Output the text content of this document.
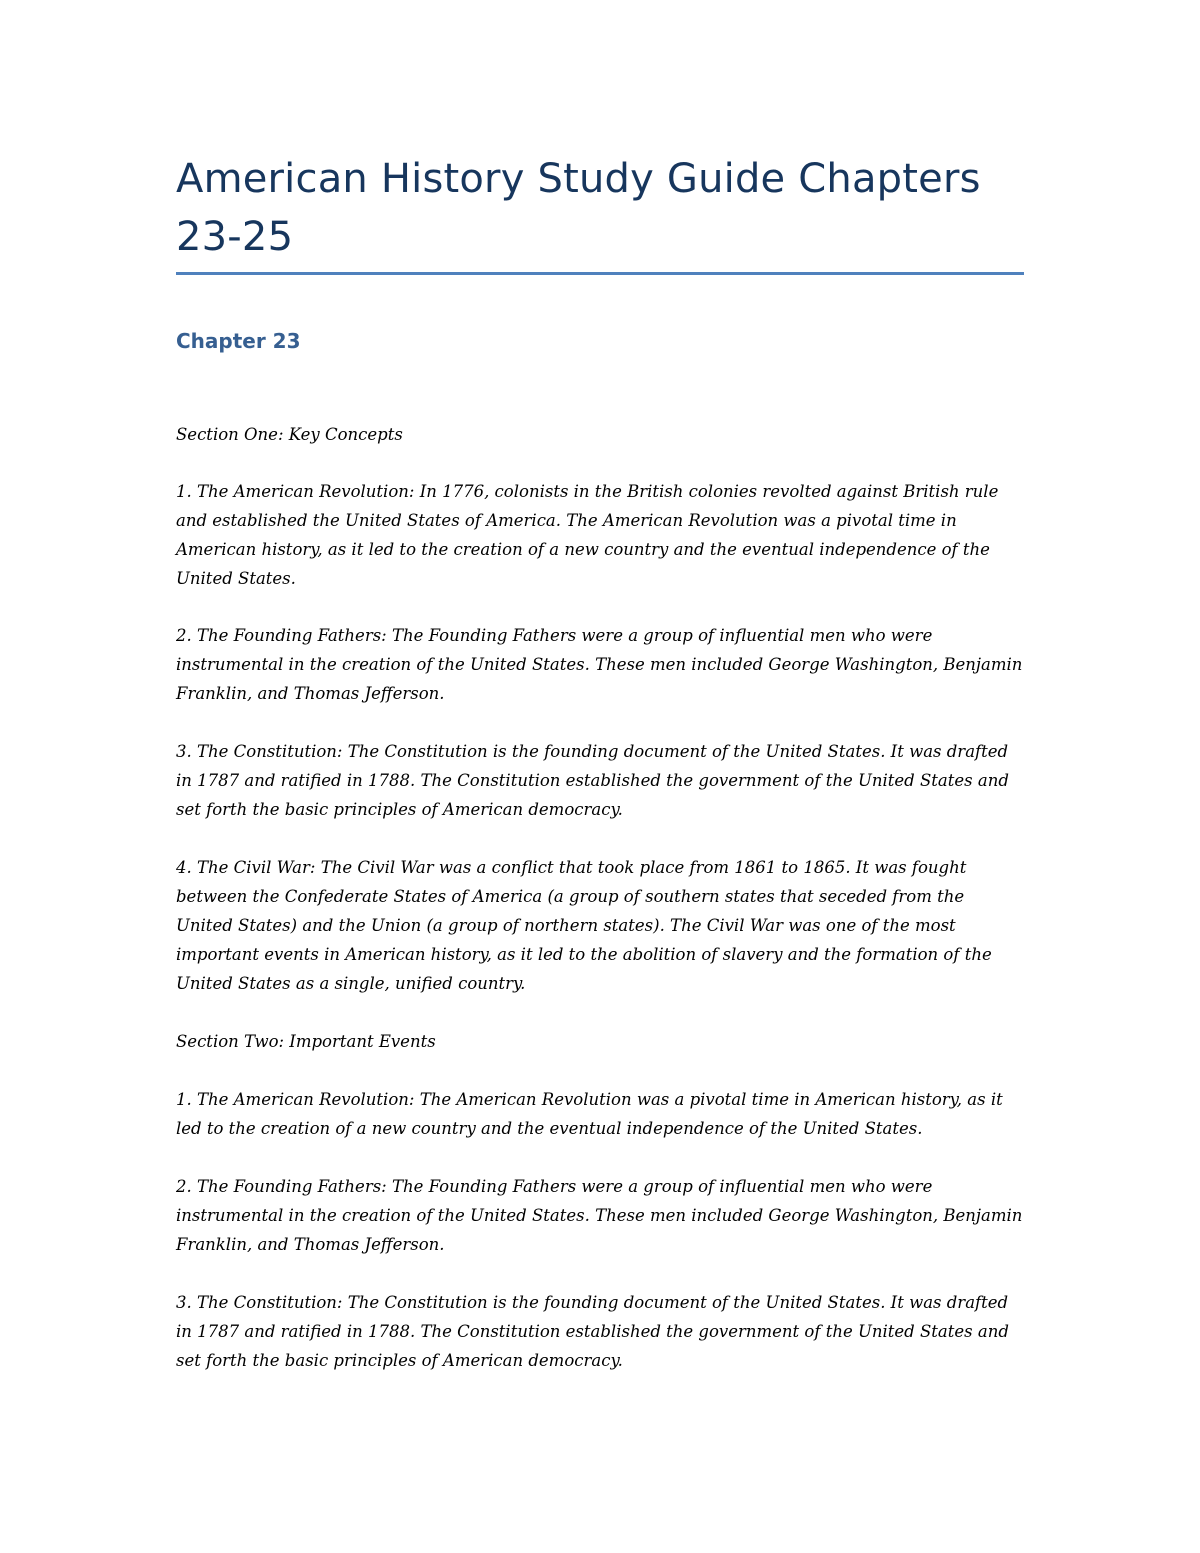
American History Study Guide Chapters 23-25
Chapter 23

Section One: Key Concepts

1. The American Revolution: In 1776, colonists in the British colonies revolted against British rule and established the United States of America. The American Revolution was a pivotal time in American history, as it led to the creation of a new country and the eventual independence of the United States.

2. The Founding Fathers: The Founding Fathers were a group of influential men who were instrumental in the creation of the United States. These men included George Washington, Benjamin Franklin, and Thomas Jefferson.

3. The Constitution: The Constitution is the founding document of the United States. It was drafted in 1787 and ratified in 1788. The Constitution established the government of the United States and set forth the basic principles of American democracy.

4. The Civil War: The Civil War was a conflict that took place from 1861 to 1865. It was fought between the Confederate States of America (a group of southern states that seceded from the United States) and the Union (a group of northern states). The Civil War was one of the most important events in American history, as it led to the abolition of slavery and the formation of the United States as a single, unified country.

Section Two: Important Events

1. The American Revolution: The American Revolution was a pivotal time in American history, as it led to the creation of a new country and the eventual independence of the United States.

2. The Founding Fathers: The Founding Fathers were a group of influential men who were instrumental in the creation of the United States. These men included George Washington, Benjamin Franklin, and Thomas Jefferson.

3. The Constitution: The Constitution is the founding document of the United States. It was drafted in 1787 and ratified in 1788. The Constitution established the government of the United States and set forth the basic principles of American democracy.
